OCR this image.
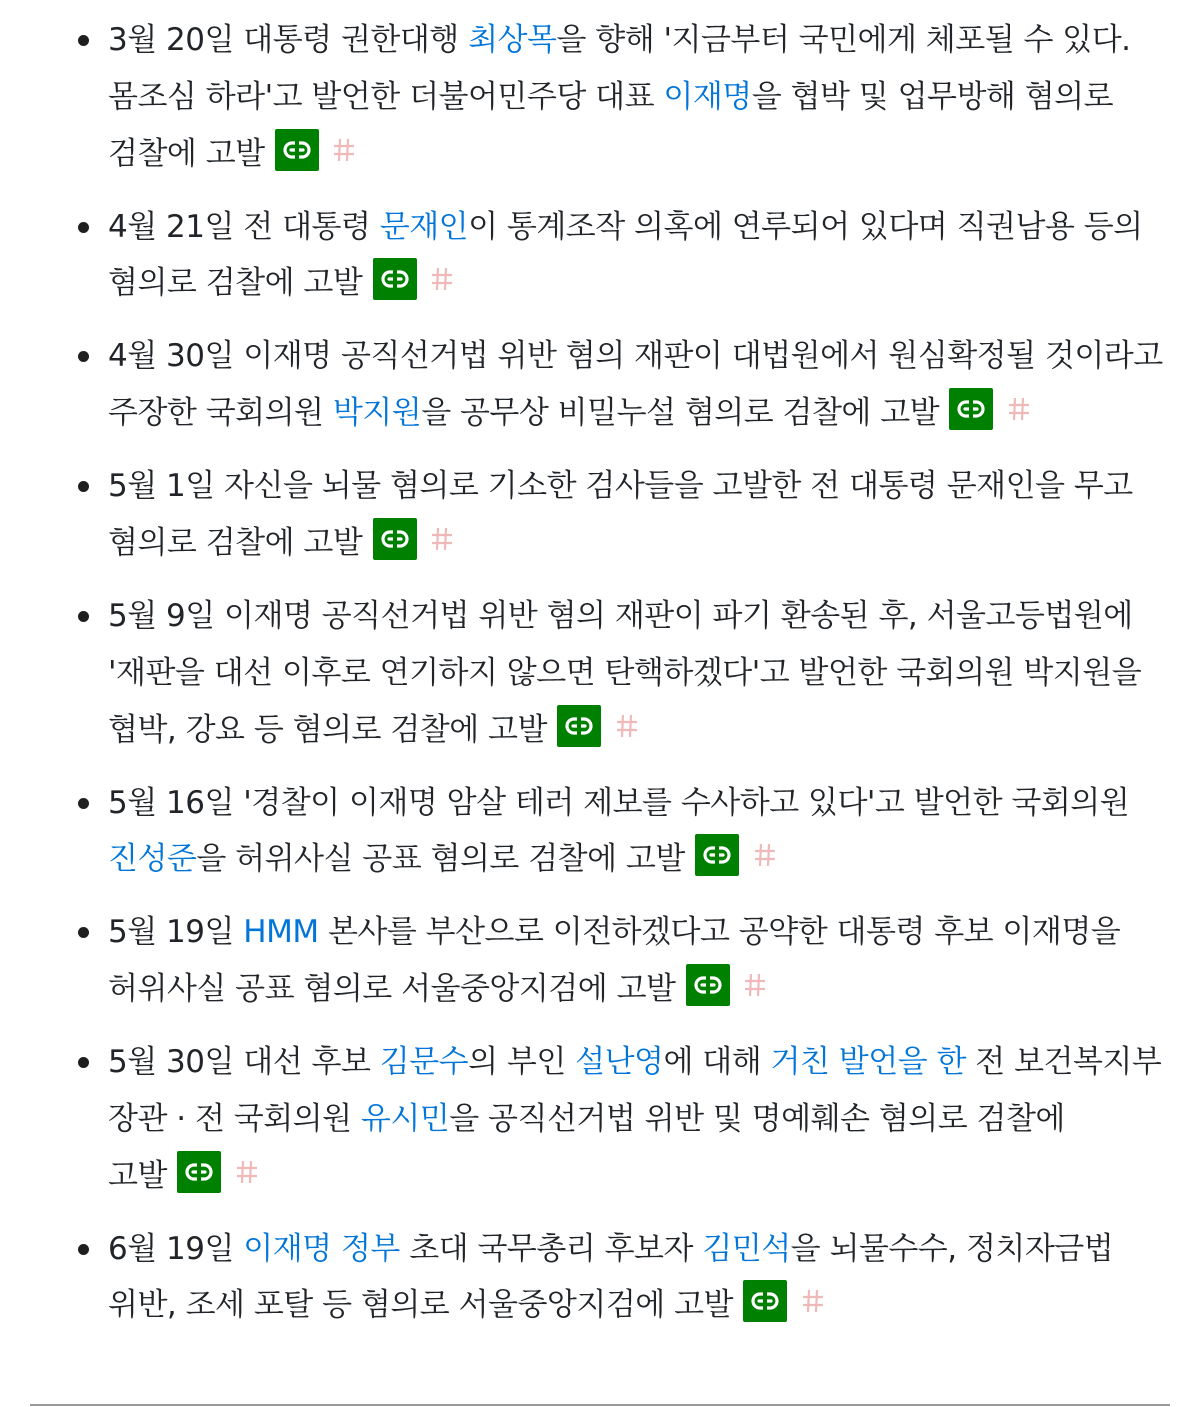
3월 20일 대통령 권한대행 최상목을 향해 '지금부터 국민에게 체포될 수 있다. 몸조심 하라'고 발언한 더불어민주당 대표 이재명을 협박 및 업무방해 혐의로 검찰에 고발

4월 21일 전 대통령 문재인이 통계조작 의혹에 연루되어 있다며 직권남용 등의 혐의로 검찰에 고발

4월 30일 이재명 공직선거법 위반 혐의 재판이 대법원에서 원심확정될 것이라고 주장한 국회의원 박지원을 공무상 비밀누설 혐의로 검찰에 고발

5월 1일 자신을 뇌물 혐의로 기소한 검사들을 고발한 전 대통령 문재인을 무고 혐의로 검찰에 고발

5월 9일 이재명 공직선거법 위반 혐의 재판이 파기 환송된 후, 서울고등법원에 '재판을 대선 이후로 연기하지 않으면 탄핵하겠다'고 발언한 국회의원 박지원을 협박, 강요 등 혐의로 검찰에 고발

5월 16일 '경찰이 이재명 암살 테러 제보를 수사하고 있다'고 발언한 국회의원 진성준을 허위사실 공표 혐의로 검찰에 고발

5월 19일 HMM 본사를 부산으로 이전하겠다고 공약한 대통령 후보 이재명을 허위사실 공표 혐의로 서울중앙지검에 고발

5월 30일 대선 후보 김문수의 부인 설난영에 대해 거친 발언을 한 전 보건복지부 장관 · 전 국회의원 유시민을 공직선거법 위반 및 명예훼손 혐의로 검찰에 고발

6월 19일 이재명 정부 초대 국무총리 후보자 김민석을 뇌물수수, 정치자금법 위반, 조세 포탈 등 혐의로 서울중앙지검에 고발
